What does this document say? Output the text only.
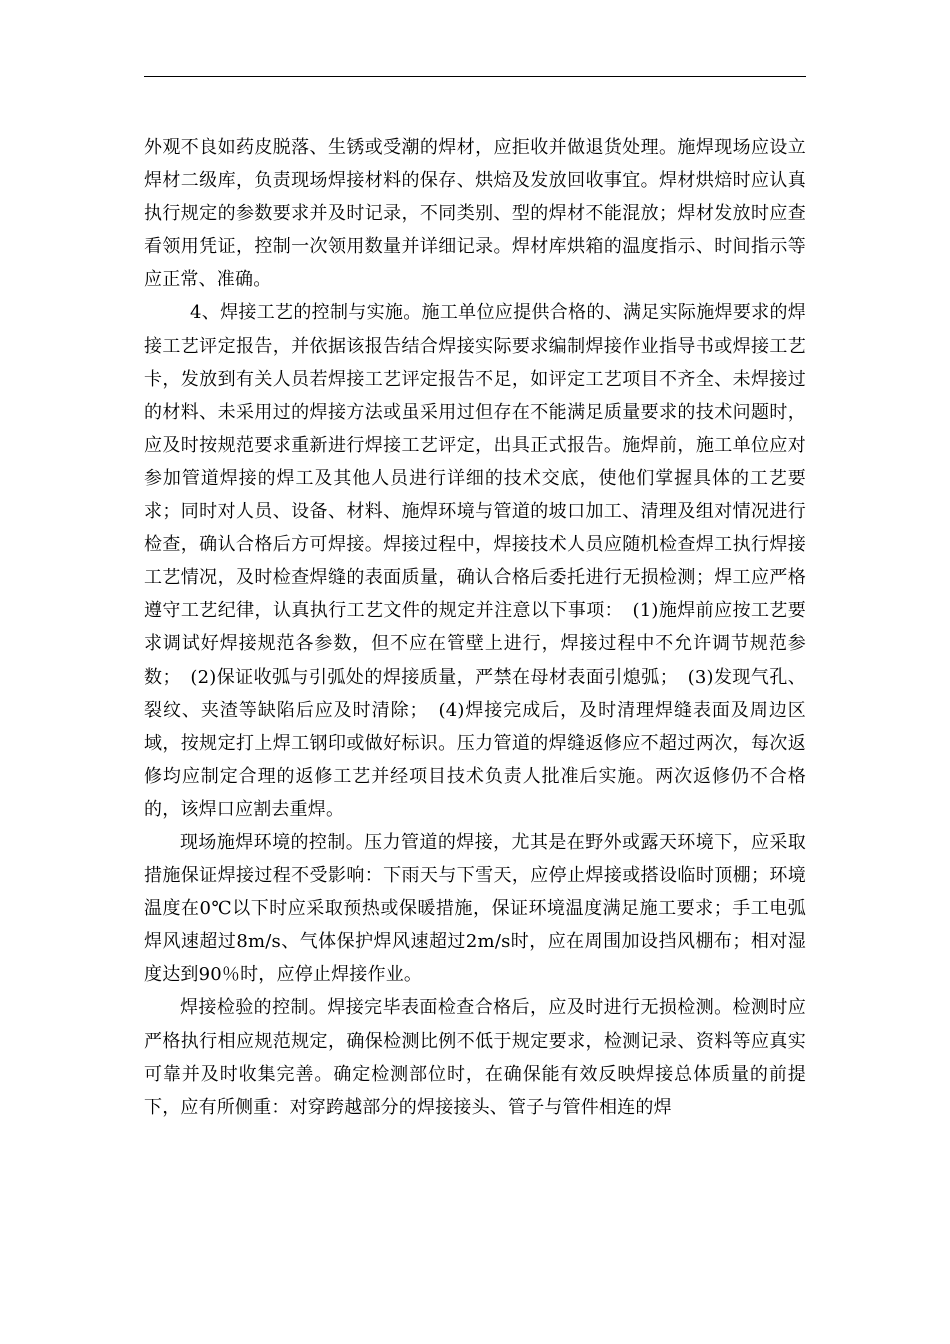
外观不良如药皮脱落、生锈或受潮的焊材，应拒收并做退货处理。施焊现场应设立焊材二级库，负责现场焊接材料的保存、烘焙及发放回收事宜。焊材烘焙时应认真执行规定的参数要求并及时记录，不同类别、型的焊材不能混放；焊材发放时应查看领用凭证，控制一次领用数量并详细记录。焊材库烘箱的温度指示、时间指示等应正常、准确。

4、焊接工艺的控制与实施。施工单位应提供合格的、满足实际施焊要求的焊接工艺评定报告，并依据该报告结合焊接实际要求编制焊接作业指导书或焊接工艺卡，发放到有关人员若焊接工艺评定报告不足，如评定工艺项目不齐全、未焊接过的材料、未采用过的焊接方法或虽采用过但存在不能满足质量要求的技术问题时，应及时按规范要求重新进行焊接工艺评定，出具正式报告。施焊前，施工单位应对参加管道焊接的焊工及其他人员进行详细的技术交底，使他们掌握具体的工艺要求；同时对人员、设备、材料、施焊环境与管道的坡口加工、清理及组对情况进行检查，确认合格后方可焊接。焊接过程中，焊接技术人员应随机检查焊工执行焊接工艺情况，及时检查焊缝的表面质量，确认合格后委托进行无损检测；焊工应严格遵守工艺纪律，认真执行工艺文件的规定并注意以下事项：　(1)施焊前应按工艺要求调试好焊接规范各参数，但不应在管壁上进行，焊接过程中不允许调节规范参数；　(2)保证收弧与引弧处的焊接质量，严禁在母材表面引熄弧；　(3)发现气孔、裂纹、夹渣等缺陷后应及时清除；　(4)焊接完成后，及时清理焊缝表面及周边区域，按规定打上焊工钢印或做好标识。压力管道的焊缝返修应不超过两次，每次返修均应制定合理的返修工艺并经项目技术负责人批准后实施。两次返修仍不合格的，该焊口应割去重焊。

现场施焊环境的控制。压力管道的焊接，尤其是在野外或露天环境下，应采取措施保证焊接过程不受影响：下雨天与下雪天，应停止焊接或搭设临时顶棚；环境温度在0℃以下时应采取预热或保暖措施，保证环境温度满足施工要求；手工电弧焊风速超过8m/s、气体保护焊风速超过2m/s时，应在周围加设挡风棚布；相对湿度达到90％时，应停止焊接作业。

焊接检验的控制。焊接完毕表面检查合格后，应及时进行无损检测。检测时应严格执行相应规范规定，确保检测比例不低于规定要求，检测记录、资料等应真实可靠并及时收集完善。确定检测部位时，在确保能有效反映焊接总体质量的前提下，应有所侧重：对穿跨越部分的焊接接头、管子与管件相连的焊
